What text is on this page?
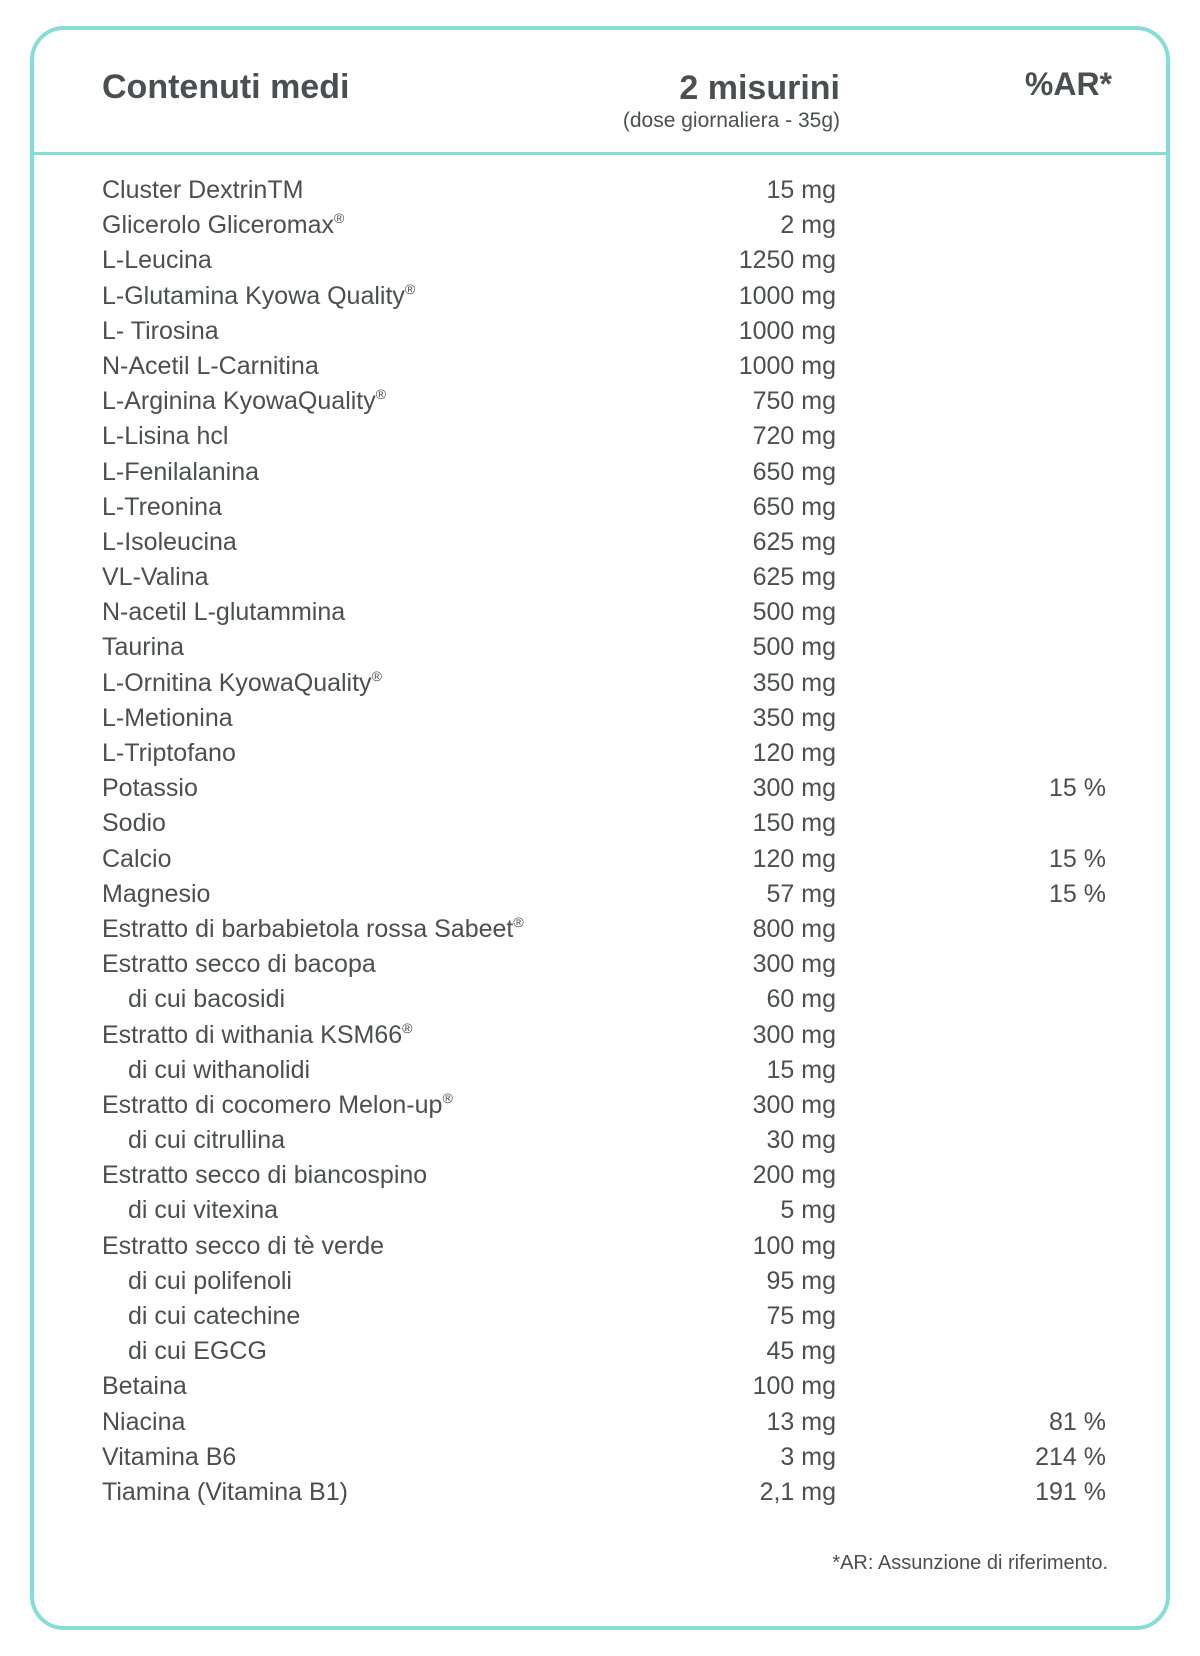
Contenuti medi	2 misurini
(dose giornaliera - 35g)
%AR*
Cluster DextrinTM	15 mg
Glicerolo Gliceromax®	2 mg
L-Leucina	1250 mg
L-Glutamina Kyowa Quality®	1000 mg
L- Tirosina	1000 mg
N-Acetil L-Carnitina	1000 mg
L-Arginina KyowaQuality®	750 mg
L-Lisina hcl	720 mg
L-Fenilalanina	650 mg
L-Treonina	650 mg
L-Isoleucina	625 mg
VL-Valina	625 mg
N-acetil L-glutammina	500 mg
Taurina	500 mg
L-Ornitina KyowaQuality®	350 mg
L-Metionina	350 mg
L-Triptofano	120 mg
Potassio	300 mg	15 %
Sodio	150 mg
Calcio	120 mg	15 %
Magnesio	57 mg	15 %
Estratto di barbabietola rossa Sabeet®	800 mg
Estratto secco di bacopa	300 mg
di cui bacosidi	60 mg
Estratto di withania KSM66®	300 mg
di cui withanolidi	15 mg
Estratto di cocomero Melon-up®	300 mg
di cui citrullina	30 mg
Estratto secco di biancospino	200 mg
di cui vitexina	5 mg
Estratto secco di tè verde	100 mg
di cui polifenoli	95 mg
di cui catechine	75 mg
di cui EGCG	45 mg
Betaina	100 mg
Niacina	13 mg	81 %
Vitamina B6	3 mg	214 %
Tiamina (Vitamina B1)	2,1 mg	191 %
*AR: Assunzione di riferimento.
